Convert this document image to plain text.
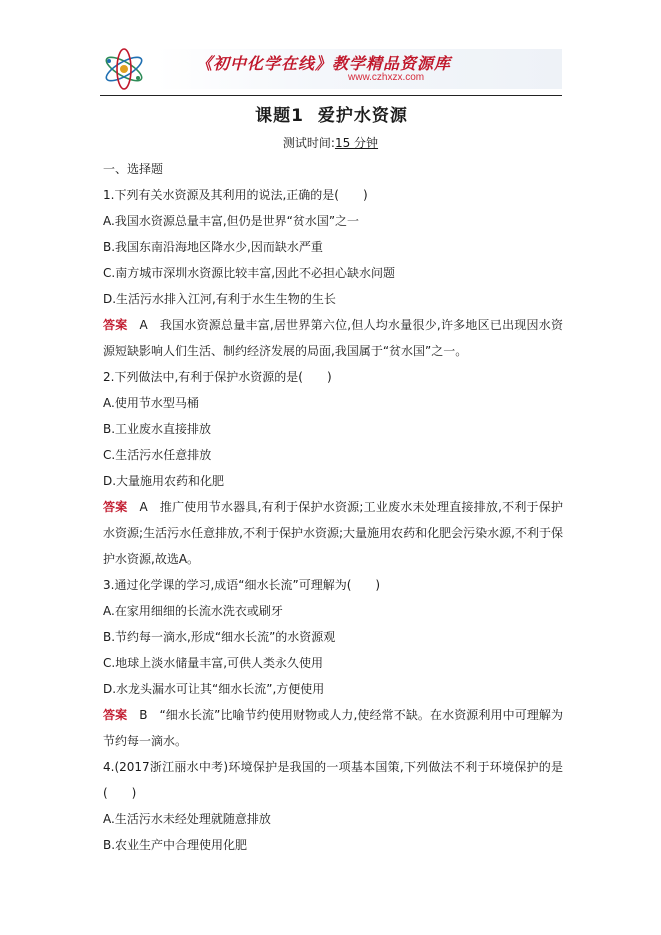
《初中化学在线》教学精品资源库
www.czhxzx.com
课题1 爱护水资源
测试时间:15 分钟
一、选择题
1.下列有关水资源及其利用的说法,正确的是(　　)
A.我国水资源总量丰富,但仍是世界“贫水国”之一
B.我国东南沿海地区降水少,因而缺水严重
C.南方城市深圳水资源比较丰富,因此不必担心缺水问题
D.生活污水排入江河,有利于水生生物的生长
答案 A 我国水资源总量丰富,居世界第六位,但人均水量很少,许多地区已出现因水资源短缺影响人们生活、制约经济发展的局面,我国属于“贫水国”之一。
2.下列做法中,有利于保护水资源的是(　　)
A.使用节水型马桶
B.工业废水直接排放
C.生活污水任意排放
D.大量施用农药和化肥
答案 A 推广使用节水器具,有利于保护水资源;工业废水未处理直接排放,不利于保护水资源;生活污水任意排放,不利于保护水资源;大量施用农药和化肥会污染水源,不利于保护水资源,故选A。
3.通过化学课的学习,成语“细水长流”可理解为(　　)
A.在家用细细的长流水洗衣或刷牙
B.节约每一滴水,形成“细水长流”的水资源观
C.地球上淡水储量丰富,可供人类永久使用
D.水龙头漏水可让其“细水长流”,方便使用
答案 B “细水长流”比喻节约使用财物或人力,使经常不缺。在水资源利用中可理解为节约每一滴水。
4.(2017浙江丽水中考)环境保护是我国的一项基本国策,下列做法不利于环境保护的是(　　)
A.生活污水未经处理就随意排放
B.农业生产中合理使用化肥
